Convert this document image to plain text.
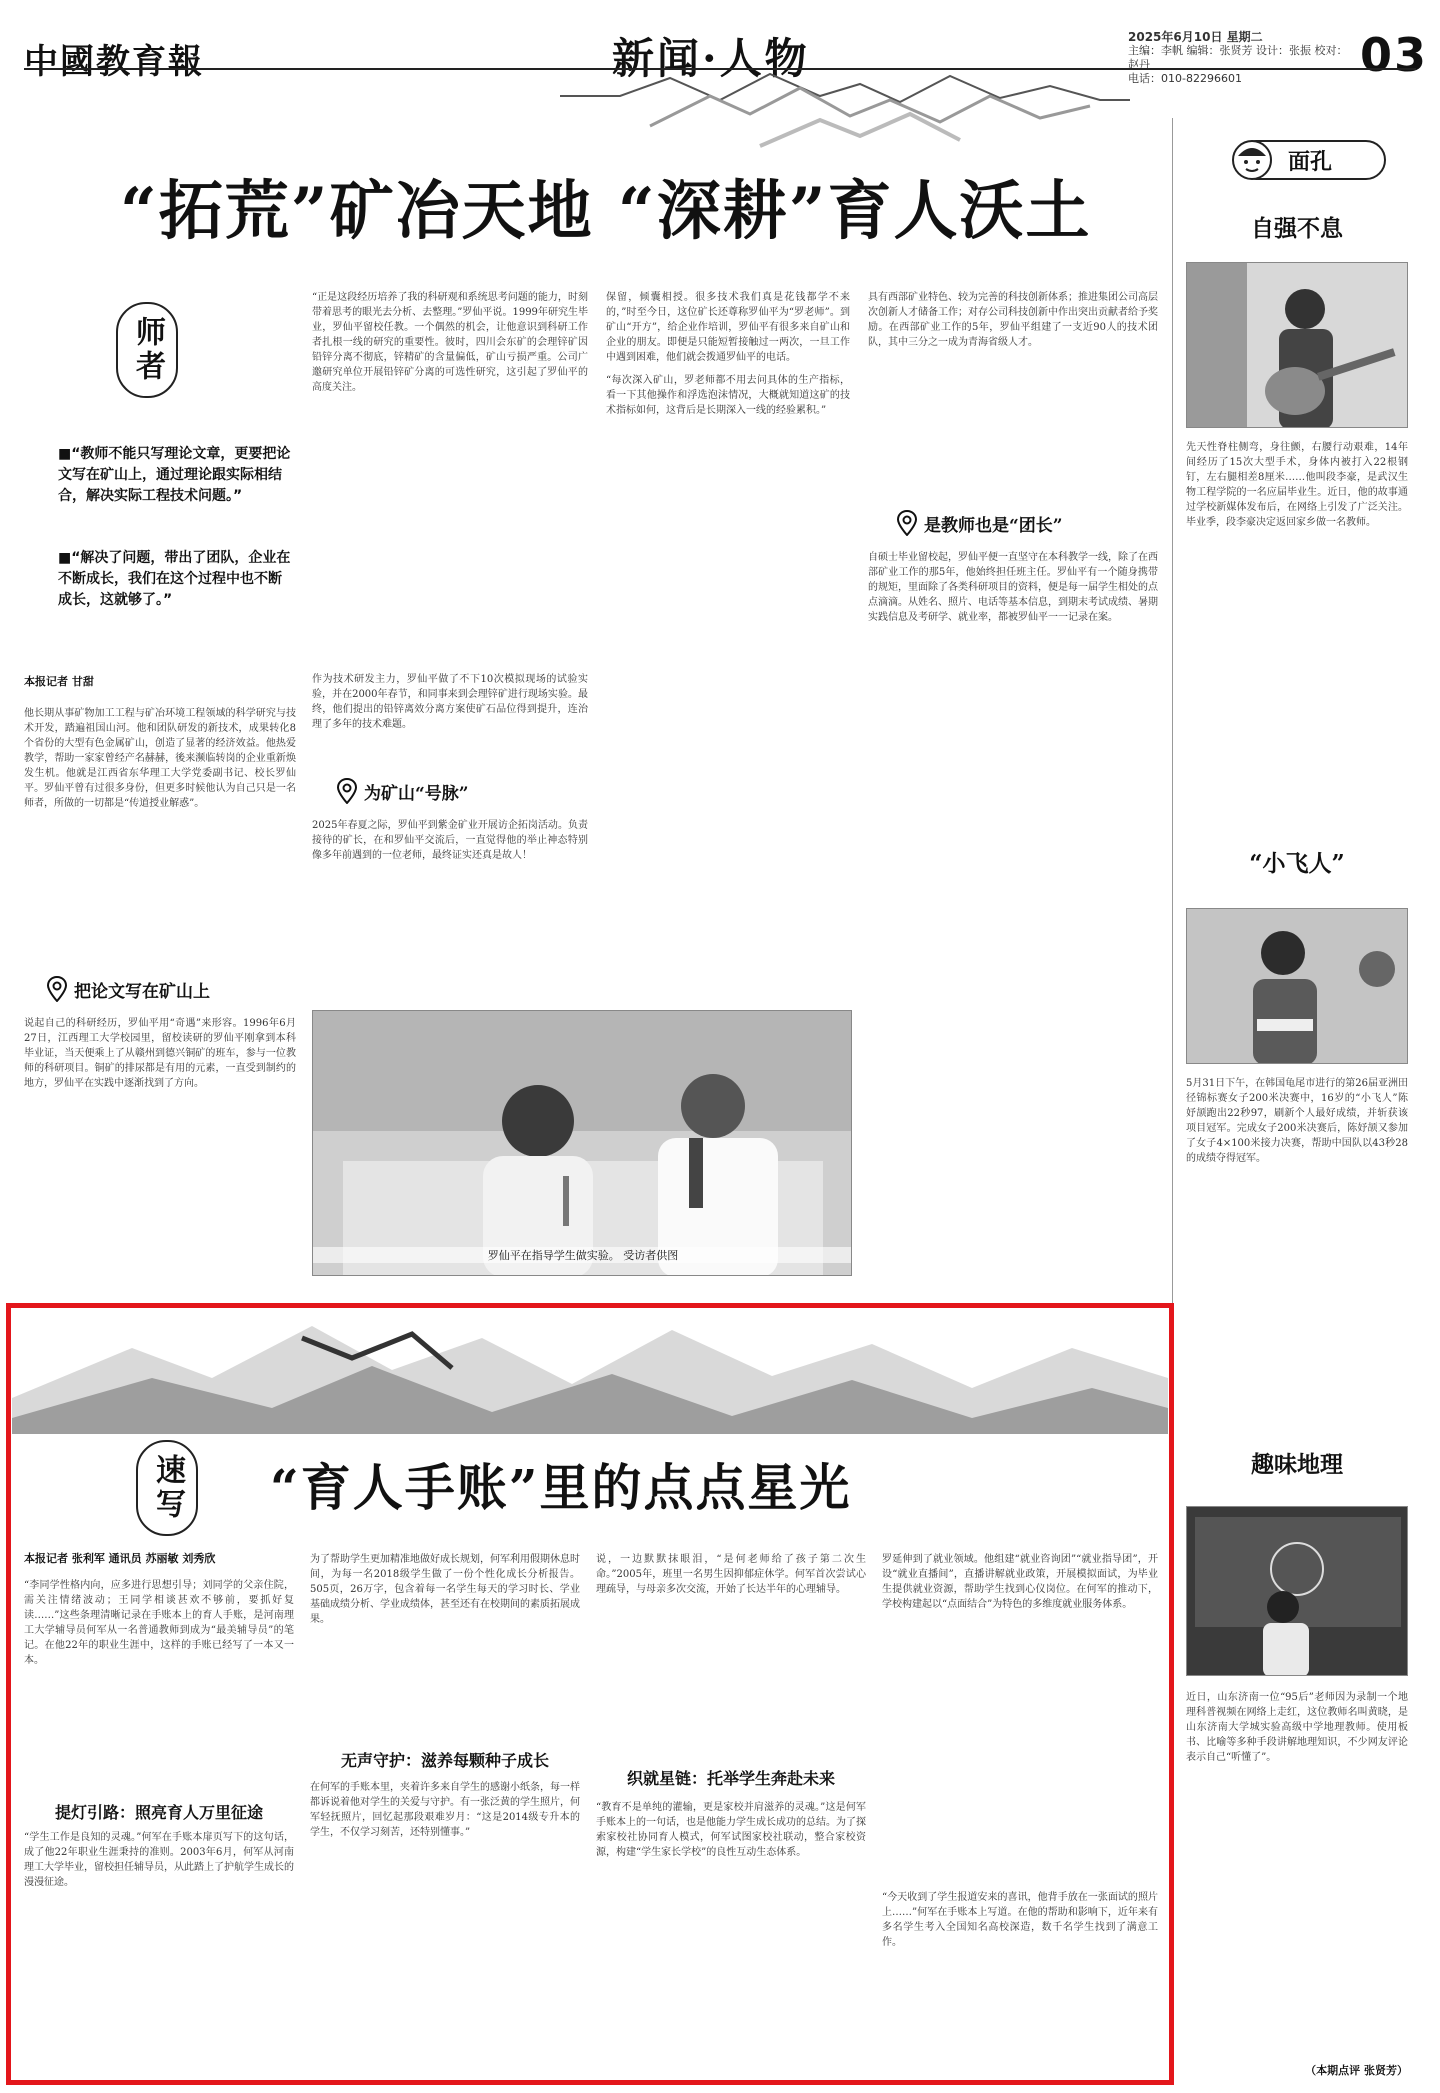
中國教育報	新闻·人物	2025年6月10日 星期二
主编：李帆 编辑：张贤芳 设计：张振 校对：赵丹
电话：010-82296601	03
“拓荒”矿冶天地 “深耕”育人沃土
师者
■“教师不能只写理论文章，更要把论文写在矿山上，通过理论跟实际相结合，解决实际工程技术问题。”
■“解决了问题，带出了团队，企业在不断成长，我们在这个过程中也不断成长，这就够了。”
本报记者 甘甜
他长期从事矿物加工工程与矿冶环境工程领域的科学研究与技术开发，踏遍祖国山河。他和团队研发的新技术，成果转化8个省份的大型有色金属矿山，创造了显著的经济效益。他热爱教学，帮助一家家曾经产名赫赫，後来濒临转岗的企业重新焕发生机。他就是江西省东华理工大学党委副书记、校长罗仙平。罗仙平曾有过很多身份，但更多时候他认为自己只是一名师者，所做的一切都是“传道授业解惑”。
把论文写在矿山上
说起自己的科研经历，罗仙平用“奇遇”来形容。1996年6月27日，江西理工大学校园里，留校读研的罗仙平刚拿到本科毕业证，当天便乘上了从赣州到德兴铜矿的班车，参与一位教师的科研项目。铜矿的排尿都是有用的元素，一直受到制约的地方，罗仙平在实践中逐渐找到了方向。
“正是这段经历培养了我的科研观和系统思考问题的能力，时刻带着思考的眼光去分析、去整理。”罗仙平说。1999年研究生毕业，罗仙平留校任教。一个偶然的机会，让他意识到科研工作者扎根一线的研究的重要性。彼时，四川会东矿的会理锌矿因铅锌分离不彻底，锌精矿的含量偏低，矿山亏损严重。公司广邀研究单位开展铅锌矿分离的可选性研究，这引起了罗仙平的高度关注。
作为技术研发主力，罗仙平做了不下10次模拟现场的试验实验，并在2000年春节，和同事来到会理锌矿进行现场实验。最终，他们提出的铅锌离效分离方案使矿石品位得到提升，连治理了多年的技术难题。
为矿山“号脉”
2025年春夏之际，罗仙平到紫金矿业开展访企拓岗活动。负责接待的矿长，在和罗仙平交流后，一直觉得他的举止神态特别像多年前遇到的一位老师，最终证实还真是故人！
保留，倾囊相授。很多技术我们真是花钱都学不来的，”时至今日，这位矿长还尊称罗仙平为“罗老师”。到矿山“开方”，给企业作培训，罗仙平有很多来自矿山和企业的朋友。即便是只能短暂接触过一两次，一旦工作中遇到困难，他们就会拨通罗仙平的电话。
“每次深入矿山，罗老师都不用去问具体的生产指标，看一下其他操作和浮选泡沫情况，大概就知道这矿的技术指标如何，这背后是长期深入一线的经验累积。”
具有西部矿业特色、较为完善的科技创新体系；推进集团公司高层次创新人才储备工作；对存公司科技创新中作出突出贡献者给予奖励。在西部矿业工作的5年，罗仙平组建了一支近90人的技术团队，其中三分之一成为青海省级人才。
是教师也是“团长”
自硕士毕业留校起，罗仙平便一直坚守在本科教学一线，除了在西部矿业工作的那5年，他始终担任班主任。罗仙平有一个随身携带的规矩，里面除了各类科研项目的资料，便是每一届学生相处的点点滴滴。从姓名、照片、电话等基本信息，到期末考试成绩、暑期实践信息及考研学、就业率，都被罗仙平一一记录在案。
罗仙平在指导学生做实验。 受访者供图
面孔
自强不息
先天性脊柱侧弯，身往颤，右腰行动艰难，14年间经历了15次大型手术，身体内被打入22根钢钉，左右腿相差8厘米……他叫段李豪，是武汉生物工程学院的一名应届毕业生。近日，他的故事通过学校新媒体发布后，在网络上引发了广泛关注。毕业季，段李豪决定返回家乡做一名教师。
“小飞人”
5月31日下午，在韩国龟尾市进行的第26届亚洲田径锦标赛女子200米决赛中，16岁的“小飞人”陈妤颉跑出22秒97，刷新个人最好成绩，并斩获该项目冠军。完成女子200米决赛后，陈妤颉又参加了女子4×100米接力决赛，帮助中国队以43秒28的成绩夺得冠军。
趣味地理
近日，山东济南一位“95后”老师因为录制一个地理科普视频在网络上走红，这位教师名叫黄晓，是山东济南大学城实验高级中学地理教师。使用板书、比喻等多种手段讲解地理知识，不少网友评论表示自己“听懂了”。
（本期点评 张贤芳）
速写 “育人手账”里的点点星光
本报记者 张利军 通讯员 苏丽敏 刘秀欣
“李同学性格内向，应多进行思想引导；刘同学的父亲住院，需关注情绪波动；王同学相谈甚欢不够前，要抓好复读……”这些条理清晰记录在手账本上的育人手账，是河南理工大学辅导员何军从一名普通教师到成为“最美辅导员”的笔记。在他22年的职业生涯中，这样的手账已经写了一本又一本。
提灯引路：照亮育人万里征途
“学生工作是良知的灵魂。”何军在手账本扉页写下的这句话，成了他22年职业生涯秉持的准则。2003年6月，何军从河南理工大学毕业，留校担任辅导员，从此踏上了护航学生成长的漫漫征途。
为了帮助学生更加精准地做好成长规划，何军利用假期休息时间，为每一名2018级学生做了一份个性化成长分析报告。505页，26万字，包含着每一名学生每天的学习时长、学业基础成绩分析、学业成绩体，甚至还有在校期间的素质拓展成果。
无声守护：滋养每颗种子成长
在何军的手账本里，夹着许多来自学生的感谢小纸条，每一样都诉说着他对学生的关爱与守护。有一张泛黄的学生照片，何军轻抚照片，回忆起那段艰难岁月：“这是2014级专升本的学生，不仅学习刻苦，还特别懂事。”
说，一边默默抹眼泪，“是何老师给了孩子第二次生命。”2005年，班里一名男生因抑郁症休学。何军首次尝试心理疏导，与母亲多次交流，开始了长达半年的心理辅导。
织就星链：托举学生奔赴未来
“教育不是单纯的灌输，更是家校并肩滋养的灵魂。”这是何军手账本上的一句话，也是他能力学生成长成功的总结。为了探索家校社协同育人模式，何军试图家校社联动，整合家校资源，构建“学生家长学校”的良性互动生态体系。
罗延伸到了就业领域。他组建“就业咨询团”“就业指导团”，开设“就业直播间”，直播讲解就业政策，开展模拟面试，为毕业生提供就业资源，帮助学生找到心仪岗位。在何军的推动下，学校构建起以“点面结合”为特色的多维度就业服务体系。
“今天收到了学生报道安来的喜讯，他背手放在一张面试的照片上……”何军在手账本上写道。在他的帮助和影响下，近年来有多名学生考入全国知名高校深造，数千名学生找到了满意工作。
